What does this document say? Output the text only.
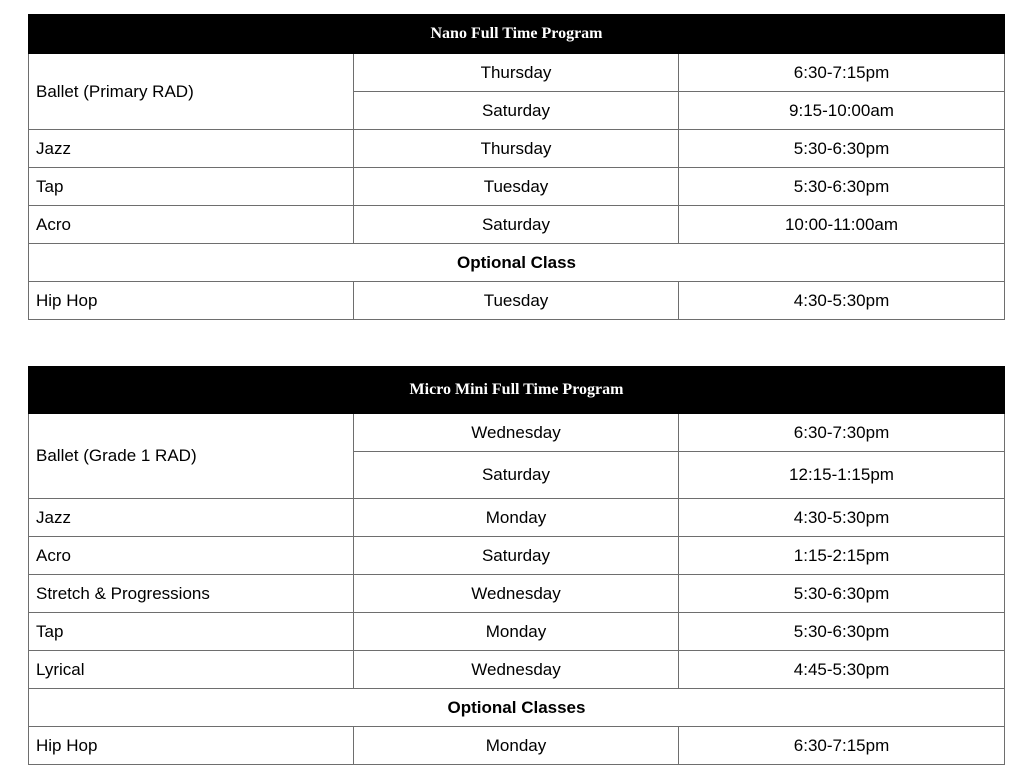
Nano Full Time Program		
Ballet (Primary RAD)	Thursday	6:30-7:15pm
	Saturday	9:15-10:00am
Jazz	Thursday	5:30-6:30pm
Tap	Tuesday	5:30-6:30pm
Acro	Saturday	10:00-11:00am
Optional Class		
Hip Hop	Tuesday	4:30-5:30pm
Micro Mini Full Time Program		
Ballet (Grade 1 RAD)	Wednesday	6:30-7:30pm
	Saturday	12:15-1:15pm
Jazz	Monday	4:30-5:30pm
Acro	Saturday	1:15-2:15pm
Stretch & Progressions	Wednesday	5:30-6:30pm
Tap	Monday	5:30-6:30pm
Lyrical	Wednesday	4:45-5:30pm
Optional Classes		
Hip Hop	Monday	6:30-7:15pm
